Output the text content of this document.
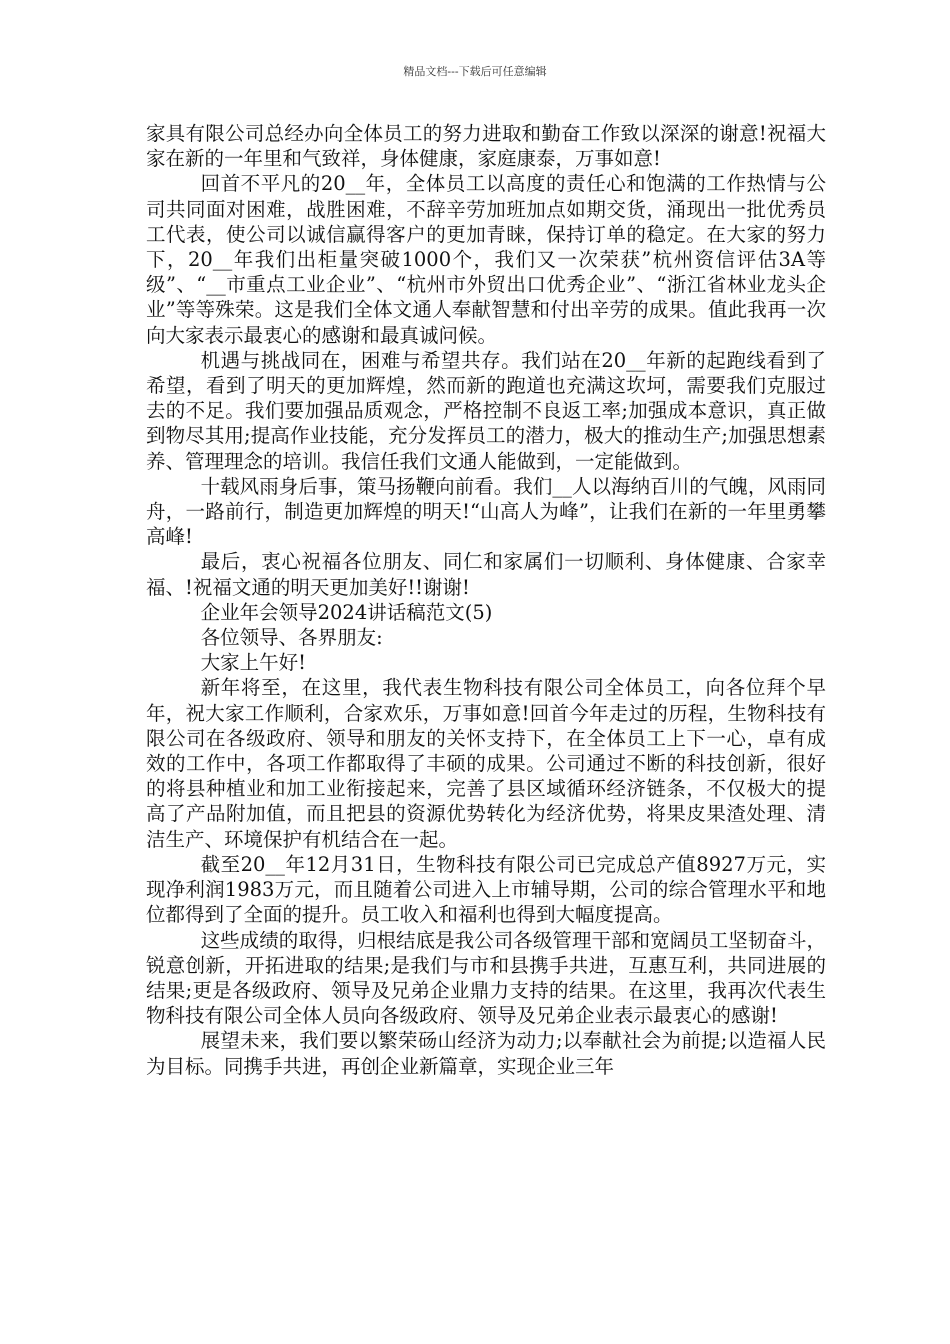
精品文档---下载后可任意编辑

家具有限公司总经办向全体员工的努力进取和勤奋工作致以深深的谢意!祝福大家在新的一年里和气致祥，身体健康，家庭康泰，万事如意!

回首不平凡的20__年，全体员工以高度的责任心和饱满的工作热情与公司共同面对困难，战胜困难，不辞辛劳加班加点如期交货，涌现出一批优秀员工代表，使公司以诚信赢得客户的更加青睐，保持订单的稳定。在大家的努力下，20__年我们出柜量突破1000个，我们又一次荣获”杭州资信评估3A等级”、“__市重点工业企业”、“杭州市外贸出口优秀企业”、“浙江省林业龙头企业”等等殊荣。这是我们全体文通人奉献智慧和付出辛劳的成果。值此我再一次向大家表示最衷心的感谢和最真诚问候。

机遇与挑战同在，困难与希望共存。我们站在20__年新的起跑线看到了希望，看到了明天的更加辉煌，然而新的跑道也充满这坎坷，需要我们克服过去的不足。我们要加强品质观念，严格控制不良返工率;加强成本意识，真正做到物尽其用;提高作业技能，充分发挥员工的潜力，极大的推动生产;加强思想素养、管理理念的培训。我信任我们文通人能做到，一定能做到。

十载风雨身后事，策马扬鞭向前看。我们__人以海纳百川的气魄，风雨同舟，一路前行，制造更加辉煌的明天!“山高人为峰”，让我们在新的一年里勇攀高峰!

最后，衷心祝福各位朋友、同仁和家属们一切顺利、身体健康、合家幸福、!祝福文通的明天更加美好!!谢谢!

企业年会领导2024讲话稿范文(5)

各位领导、各界朋友:

大家上午好!

新年将至，在这里，我代表生物科技有限公司全体员工，向各位拜个早年，祝大家工作顺利，合家欢乐，万事如意!回首今年走过的历程，生物科技有限公司在各级政府、领导和朋友的关怀支持下，在全体员工上下一心，卓有成效的工作中，各项工作都取得了丰硕的成果。公司通过不断的科技创新，很好的将县种植业和加工业衔接起来，完善了县区域循环经济链条，不仅极大的提高了产品附加值，而且把县的资源优势转化为经济优势，将果皮果渣处理、清洁生产、环境保护有机结合在一起。

截至20__年12月31日，生物科技有限公司已完成总产值8927万元，实现净利润1983万元，而且随着公司进入上市辅导期，公司的综合管理水平和地位都得到了全面的提升。员工收入和福利也得到大幅度提高。

这些成绩的取得，归根结底是我公司各级管理干部和宽阔员工坚韧奋斗，锐意创新，开拓进取的结果;是我们与市和县携手共进，互惠互利，共同进展的结果;更是各级政府、领导及兄弟企业鼎力支持的结果。在这里，我再次代表生物科技有限公司全体人员向各级政府、领导及兄弟企业表示最衷心的感谢!

展望未来，我们要以繁荣砀山经济为动力;以奉献社会为前提;以造福人民为目标。同携手共进，再创企业新篇章，实现企业三年
